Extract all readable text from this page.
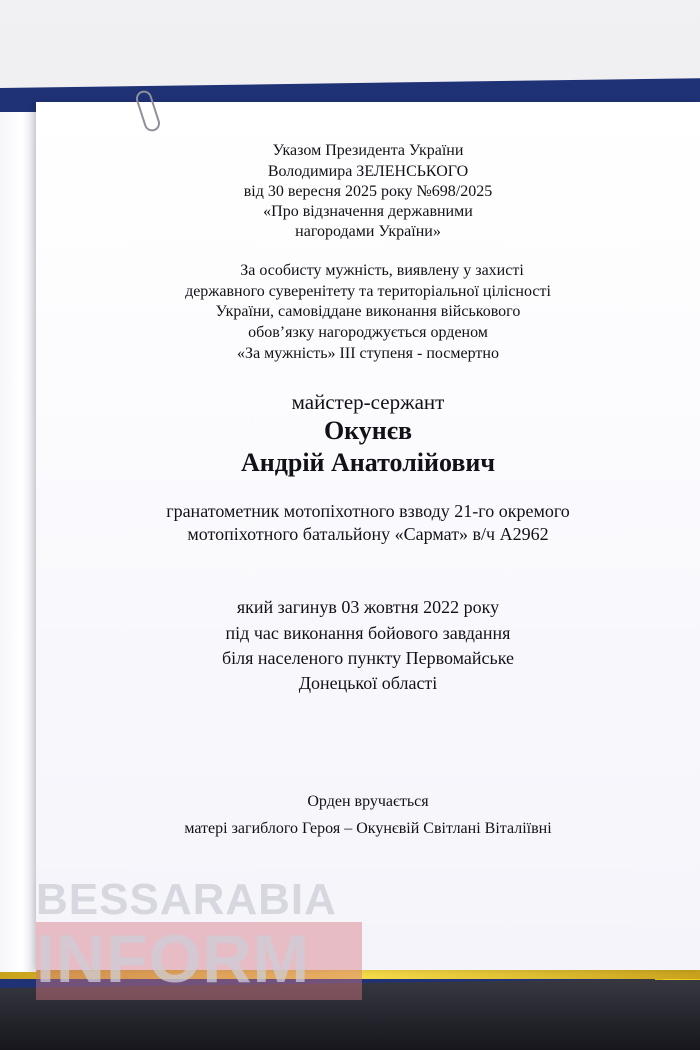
Указом Президента України
Володимира ЗЕЛЕНСЬКОГО
від 30 вересня 2025 року №698/2025
«Про відзначення державними
нагородами України»
За особисту мужність, виявлену у захисті
державного суверенітету та територіальної цілісності
України, самовіддане виконання військового
обов’язку нагороджується орденом
«За мужність» ІІІ ступеня - посмертно
майстер-сержант
Окунєв
Андрій Анатолійович
гранатометник мотопіхотного взводу 21-го окремого
мотопіхотного батальйону «Сармат» в/ч А2962
який загинув 03 жовтня 2022 року
під час виконання бойового завдання
біля населеного пункту Первомайське
Донецької області
Орден вручається
матері загиблого Героя – Окунєвій Світлані Віталіївні
BESSARABIA
INFORM
